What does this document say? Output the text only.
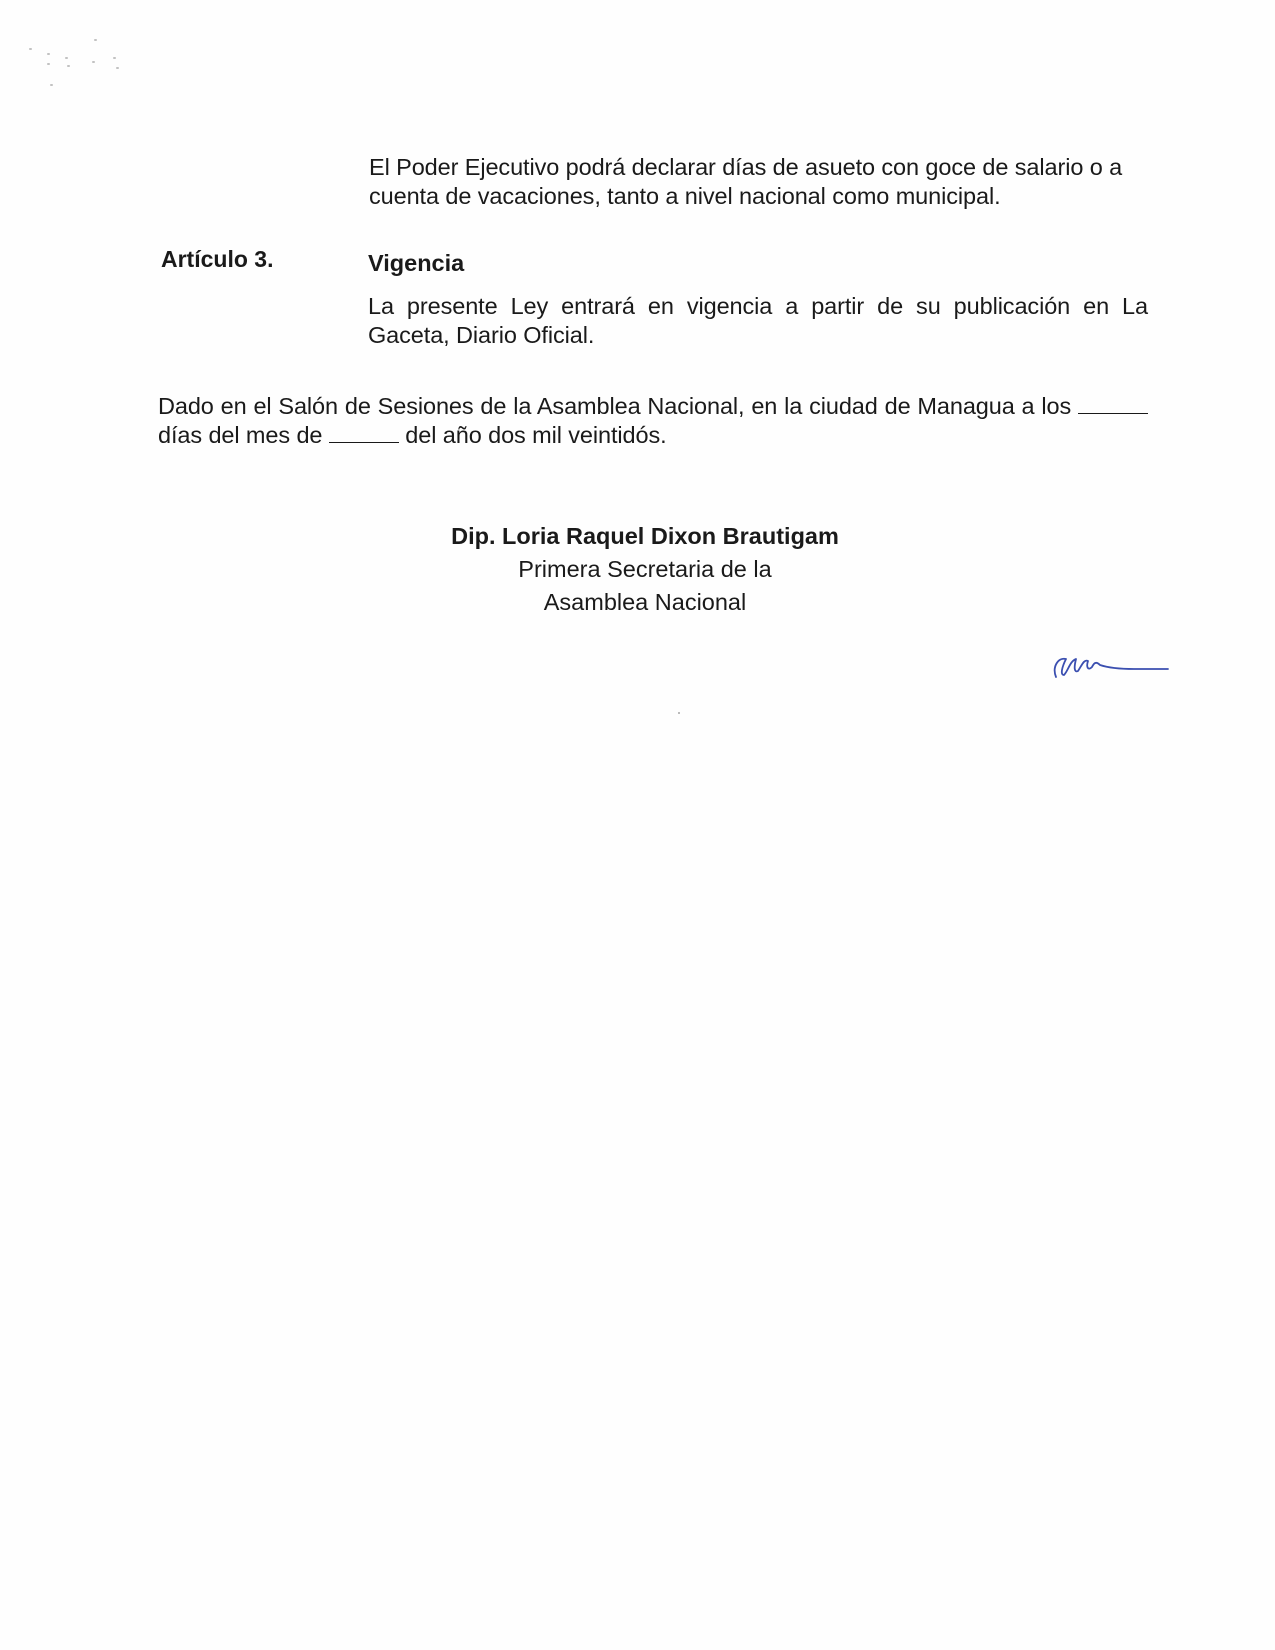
El Poder Ejecutivo podrá declarar días de asueto con goce de salario o a cuenta de vacaciones, tanto a nivel nacional como municipal.

Artículo 3.	Vigencia

La presente Ley entrará en vigencia a partir de su publicación en La Gaceta, Diario Oficial.

Dado en el Salón de Sesiones de la Asamblea Nacional, en la ciudad de Managua a los  días del mes de	del año dos mil veintidós.

Dip. Loria Raquel Dixon Brautigam
Primera Secretaria de la
Asamblea Nacional
